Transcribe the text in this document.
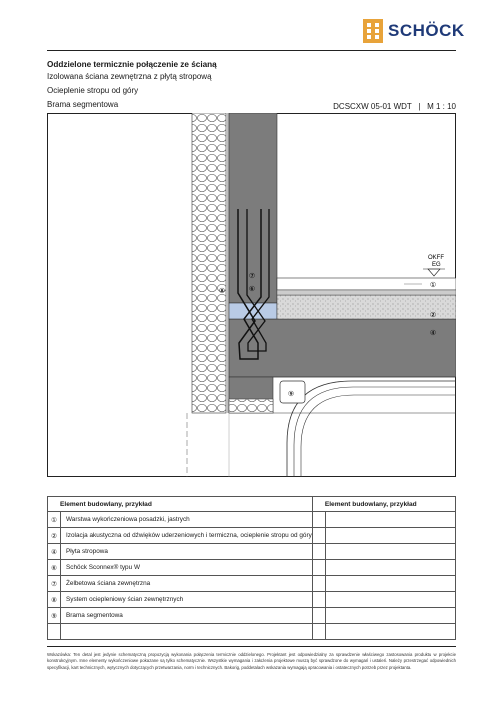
SCHÖCK
Oddzielone termicznie połączenie ze ścianą
Izolowana ściana zewnętrzna z płytą stropową
Ocieplenie stropu od góry
Brama segmentowa	DCSCXW 05-01 WDT   |   M 1 : 10
OKFF
EG
①
②
④
⑥
⑦
⑧
⑨
Element budowlany, przykład		Element budowlany, przykład	
①	Warstwa wykończeniowa posadzki, jastrych		
②	Izolacja akustyczna od dźwięków uderzeniowych i termiczna, ocieplenie stropu od góry		
④	Płyta stropowa		
⑥	Schöck Sconnex® typu W		
⑦	Żelbetowa ściana zewnętrzna		
⑧	System ociepleniowy ścian zewnętrznych		
⑨	Brama segmentowa		

Wskazówka: Ten detal jest jedynie schematyczną propozycją wykonania połączenia termicznie oddzielonego. Projektant jest odpowiedzialny za sprawdzenie właściwego zastosowania produktu w projekcie konstrukcyjnym. Inne elementy wykończeniowe pokazane są tylko schematycznie. Wszystkie wymagania i założenia projektowe muszą być sprawdzone do wymagań i ustaleń. Należy przestrzegać odpowiednich specyfikacji, kart technicznych, wytycznych dotyczących przetwarzania, norm i technicznych. Bakorig, poddetalach wskazania wymagają opracowania i ostatecznych potrzeb przez projektanta.
